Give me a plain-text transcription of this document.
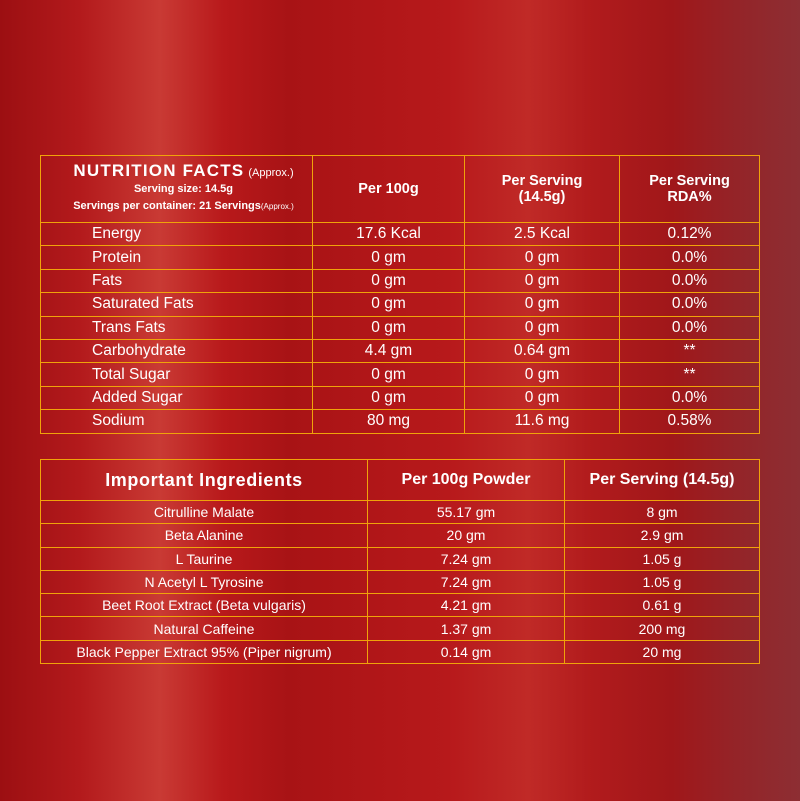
NUTRITION FACTS (Approx.)
Serving size: 14.5g
Servings per container: 21 Servings(Approx.)	Per 100g	Per Serving (14.5g)	Per Serving RDA%
Energy	17.6 Kcal	2.5 Kcal	0.12%
Protein	0 gm	0 gm	0.0%
Fats	0 gm	0 gm	0.0%
Saturated Fats	0 gm	0 gm	0.0%
Trans Fats	0 gm	0 gm	0.0%
Carbohydrate	4.4 gm	0.64 gm	**
Total Sugar	0 gm	0 gm	**
Added Sugar	0 gm	0 gm	0.0%
Sodium	80 mg	11.6 mg	0.58%
Important Ingredients	Per 100g Powder	Per Serving (14.5g)
Citrulline Malate	55.17 gm	8 gm
Beta Alanine	20 gm	2.9 gm
L Taurine	7.24 gm	1.05 g
N Acetyl L Tyrosine	7.24 gm	1.05 g
Beet Root Extract (Beta vulgaris)	4.21 gm	0.61 g
Natural Caffeine	1.37 gm	200 mg
Black Pepper Extract 95% (Piper nigrum)	0.14 gm	20 mg
